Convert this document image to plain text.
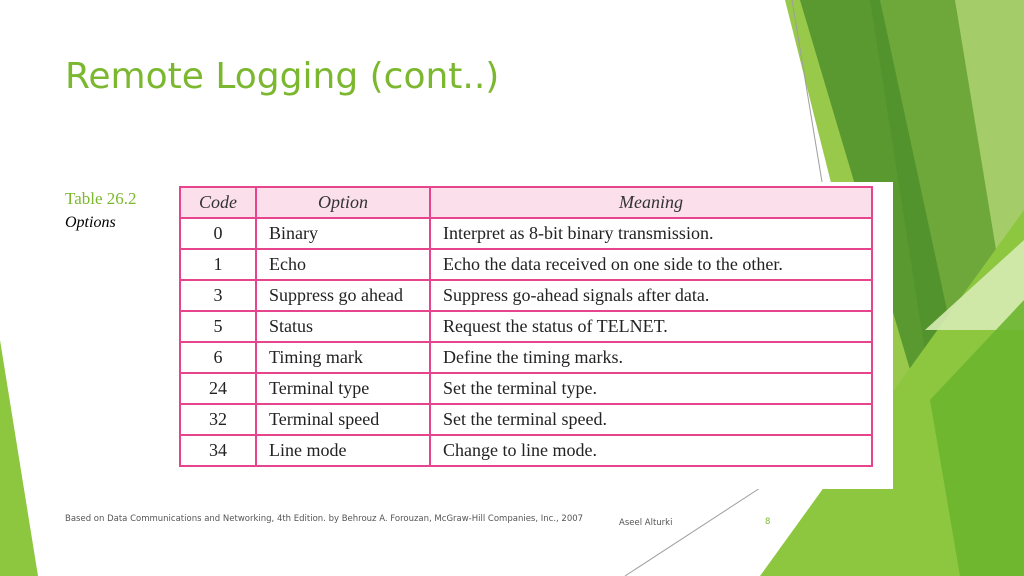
Remote Logging (cont..)
Table 26.2
Options
Code	Option	Meaning
0	Binary	Interpret as 8-bit binary transmission.
1	Echo	Echo the data received on one side to the other.
3	Suppress go ahead	Suppress go-ahead signals after data.
5	Status	Request the status of TELNET.
6	Timing mark	Define the timing marks.
24	Terminal type	Set the terminal type.
32	Terminal speed	Set the terminal speed.
34	Line mode	Change to line mode.
Based on Data Communications and Networking, 4th Edition. by Behrouz A. Forouzan, McGraw-Hill Companies, Inc., 2007	Aseel Alturki	8
